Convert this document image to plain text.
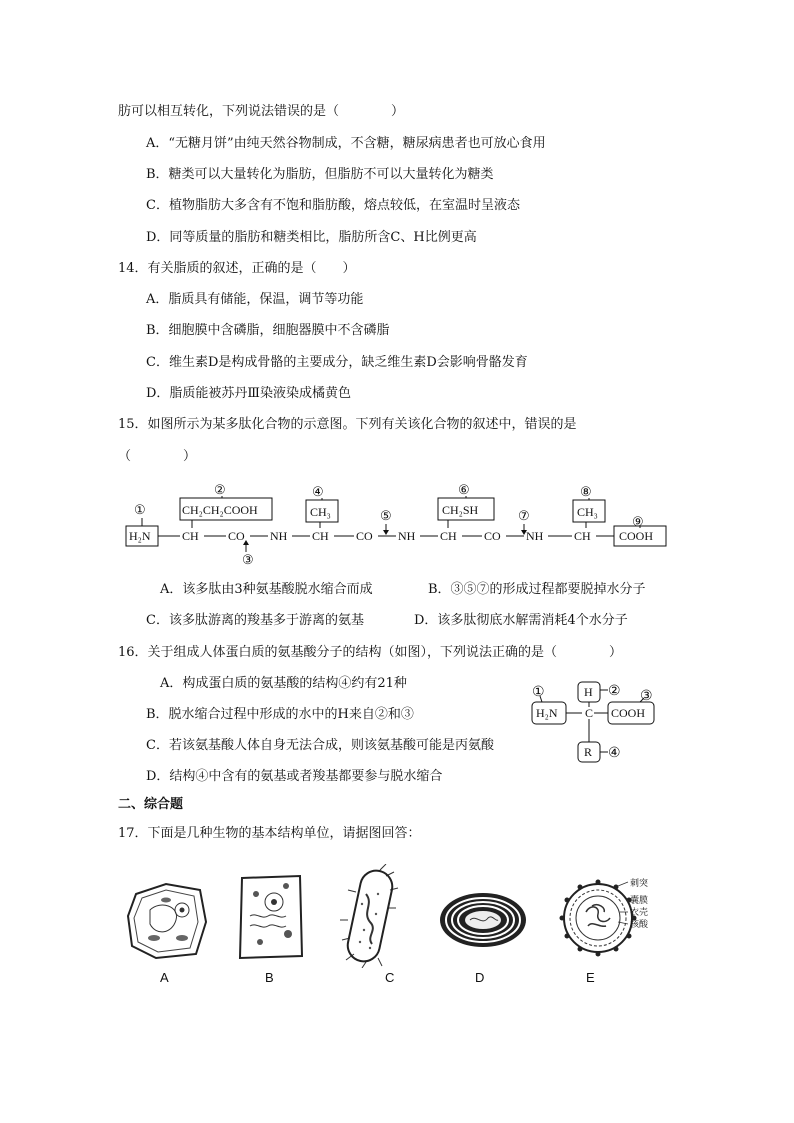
肪可以相互转化，下列说法错误的是（　　　　）
A．“无糖月饼”由纯天然谷物制成，不含糖，糖尿病患者也可放心食用
B．糖类可以大量转化为脂肪，但脂肪不可以大量转化为糖类
C．植物脂肪大多含有不饱和脂肪酸，熔点较低，在室温时呈液态
D．同等质量的脂肪和糖类相比，脂肪所含C、H比例更高
14．有关脂质的叙述，正确的是（　　）
A．脂质具有储能，保温，调节等功能
B．细胞膜中含磷脂，细胞器膜中不含磷脂
C．维生素D是构成骨骼的主要成分，缺乏维生素D会影响骨骼发育
D．脂质能被苏丹Ⅲ染液染成橘黄色
15．如图所示为某多肽化合物的示意图。下列有关该化合物的叙述中，错误的是
（　　　　）
①
②
③
④
⑤
⑥
⑦
⑧
⑨
H₂N
CH₂CH₂COOH
CH CO NH
CH₃
CH CO NH
CH₂SH
CH CO NH
CH₃
CH COOH
A．该多肽由3种氨基酸脱水缩合而成	B．③⑤⑦的形成过程都要脱掉水分子
C．该多肽游离的羧基多于游离的氨基	D．该多肽彻底水解需消耗4个水分子
16．关于组成人体蛋白质的氨基酸分子的结构（如图），下列说法正确的是（　　　　）
A．构成蛋白质的氨基酸的结构④约有21种
B．脱水缩合过程中形成的水中的H来自②和③
C．若该氨基酸人体自身无法合成，则该氨基酸可能是丙氨酸
D．结构④中含有的氨基或者羧基都要参与脱水缩合
①	② ③
④
H₂N
H
C COOH
R
二、综合题
17．下面是几种生物的基本结构单位，请据图回答：
A	B	C	D
刺突
囊膜
衣壳
核酸
E
